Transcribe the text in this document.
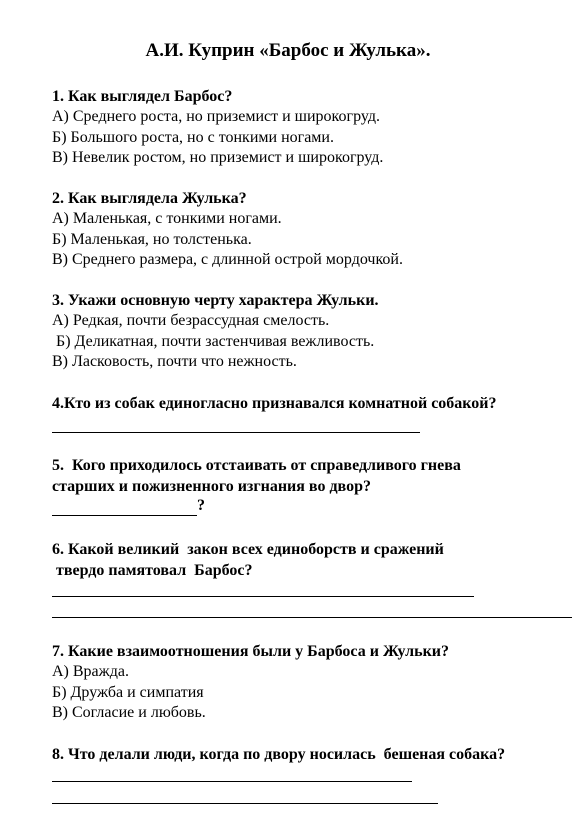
А.И. Куприн «Барбос и Жулька».

1. Как выглядел Барбос?

А) Среднего роста, но приземист и широкогруд.

Б) Большого роста, но с тонкими ногами.

В) Невелик ростом, но приземист и широкогруд.

2. Как выглядела Жулька?

А) Маленькая, с тонкими ногами.

Б) Маленькая, но толстенька.

В) Среднего размера, с длинной острой мордочкой.

3. Укажи основную черту характера Жульки.

А) Редкая, почти безрассудная смелость.

Б) Деликатная, почти застенчивая вежливость.

В) Ласковость, почти что нежность.

4.Кто из собак единогласно признавался комнатной собакой?

5.  Кого приходилось отстаивать от справедливого гнева

старших и пожизненного изгнания во двор?

?

6. Какой великий  закон всех единоборств и сражений

твердо памятовал  Барбос?

7. Какие взаимоотношения были у Барбоса и Жульки?

А) Вражда.

Б) Дружба и симпатия

В) Согласие и любовь.

8. Что делали люди, когда по двору носилась  бешеная собака?
